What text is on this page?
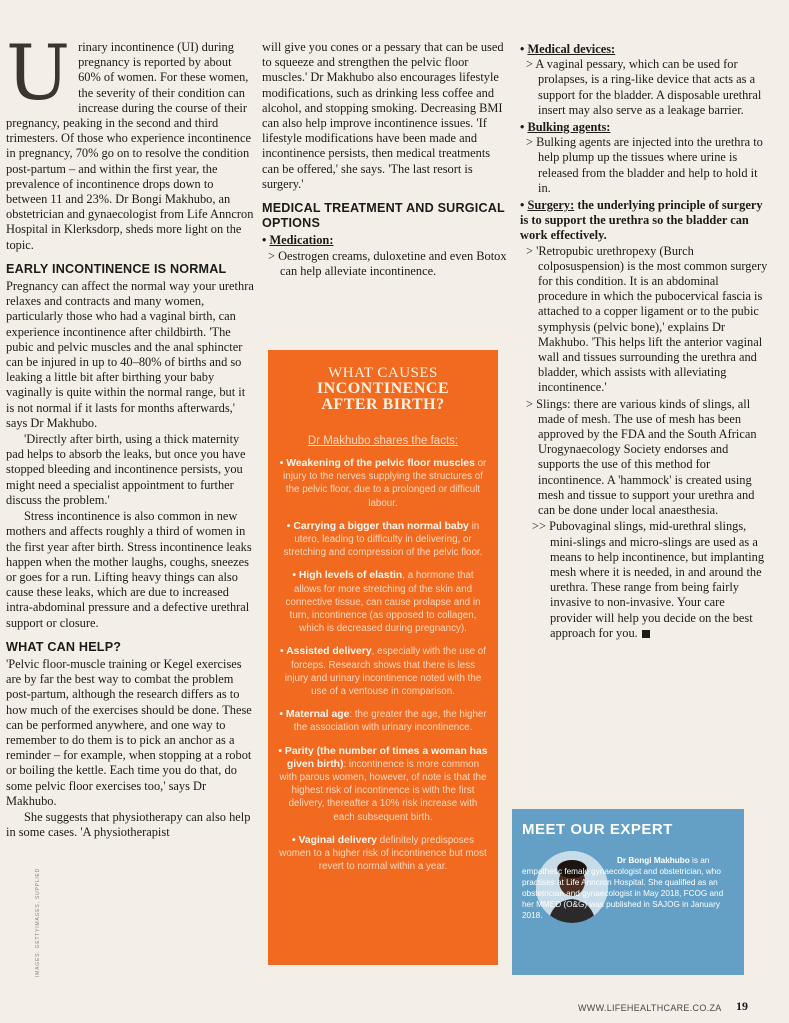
U rinary incontinence (UI) during pregnancy is reported by about 60% of women. For these women, the severity of their condition can increase during the course of their pregnancy, peaking in the second and third trimesters. Of those who experience incontinence in pregnancy, 70% go on to resolve the condition post-partum – and within the first year, the prevalence of incontinence drops down to between 11 and 23%. Dr Bongi Makhubo, an obstetrician and gynaecologist from Life Anncron Hospital in Klerksdorp, sheds more light on the topic.

EARLY INCONTINENCE IS NORMAL

Pregnancy can affect the normal way your urethra relaxes and contracts and many women, particularly those who had a vaginal birth, can experience incontinence after childbirth. 'The pubic and pelvic muscles and the anal sphincter can be injured in up to 40–80% of births and so leaking a little bit after birthing your baby vaginally is quite within the normal range, but it is not normal if it lasts for months afterwards,' says Dr Makhubo.

'Directly after birth, using a thick maternity pad helps to absorb the leaks, but once you have stopped bleeding and incontinence persists, you might need a specialist appointment to further discuss the problem.'

Stress incontinence is also common in new mothers and affects roughly a third of women in the first year after birth. Stress incontinence leaks happen when the mother laughs, coughs, sneezes or goes for a run. Lifting heavy things can also cause these leaks, which are due to increased intra-abdominal pressure and a defective urethral support or closure.

WHAT CAN HELP?

'Pelvic floor-muscle training or Kegel exercises are by far the best way to combat the problem post-partum, although the research differs as to how much of the exercises should be done. These can be performed anywhere, and one way to remember to do them is to pick an anchor as a reminder – for example, when stopping at a robot or boiling the kettle. Each time you do that, do some pelvic floor exercises too,' says Dr Makhubo.

She suggests that physiotherapy can also help in some cases. 'A physiotherapist

IMAGES: GETTYIMAGES, SUPPLIED

will give you cones or a pessary that can be used to squeeze and strengthen the pelvic floor muscles.' Dr Makhubo also encourages lifestyle modifications, such as drinking less coffee and alcohol, and stopping smoking. Decreasing BMI can also help improve incontinence issues. 'If lifestyle modifications have been made and incontinence persists, then medical treatments can be offered,' she says. 'The last resort is surgery.'

MEDICAL TREATMENT AND SURGICAL OPTIONS

• Medication:

> Oestrogen creams, duloxetine and even Botox can help alleviate incontinence.

WHAT CAUSES
INCONTINENCE
AFTER BIRTH?
Dr Makhubo shares the facts:
• Weakening of the pelvic floor muscles or injury to the nerves supplying the structures of the pelvic floor, due to a prolonged or difficult labour.
• Carrying a bigger than normal baby in utero, leading to difficulty in delivering, or stretching and compression of the pelvic floor.
• High levels of elastin, a hormone that allows for more stretching of the skin and connective tissue, can cause prolapse and in turn, incontinence (as opposed to collagen, which is decreased during pregnancy).
• Assisted delivery, especially with the use of forceps. Research shows that there is less injury and urinary incontinence noted with the use of a ventouse in comparison.
• Maternal age: the greater the age, the higher the association with urinary incontinence.
• Parity (the number of times a woman has given birth): incontinence is more common with parous women, however, of note is that the highest risk of incontinence is with the first delivery, thereafter a 10% risk increase with each subsequent birth.
• Vaginal delivery definitely predisposes women to a higher risk of incontinence but most revert to normal within a year.

• Medical devices:

> A vaginal pessary, which can be used for prolapses, is a ring-like device that acts as a support for the bladder. A disposable urethral insert may also serve as a leakage barrier.

• Bulking agents:

> Bulking agents are injected into the urethra to help plump up the tissues where urine is released from the bladder and help to hold it in.

• Surgery: the underlying principle of surgery is to support the urethra so the bladder can work effectively.

> 'Retropubic urethropexy (Burch colposuspension) is the most common surgery for this condition. It is an abdominal procedure in which the pubocervical fascia is attached to a copper ligament or to the pubic symphysis (pelvic bone),' explains Dr Makhubo. 'This helps lift the anterior vaginal wall and tissues surrounding the urethra and bladder, which assists with alleviating incontinence.'

> Slings: there are various kinds of slings, all made of mesh. The use of mesh has been approved by the FDA and the South African Urogynaecology Society endorses and supports the use of this method for incontinence. A 'hammock' is created using mesh and tissue to support your urethra and can be done under local anaesthesia.

>> Pubovaginal slings, mid-urethral slings, mini-slings and micro-slings are used as a means to help incontinence, but implanting mesh where it is needed, in and around the urethra. These range from being fairly invasive to non-invasive. Your care provider will help you decide on the best approach for you.

MEET OUR EXPERT
Dr Bongi Makhubo is an empathetic female gynaecologist and obstetrician, who practises at Life Anncron Hospital. She qualified as an obstetrician and gynaecologist in May 2018, FCOG and her MMED (O&G) was published in SAJOG in January 2018.
WWW.LIFEHEALTHCARE.CO.ZA 19
